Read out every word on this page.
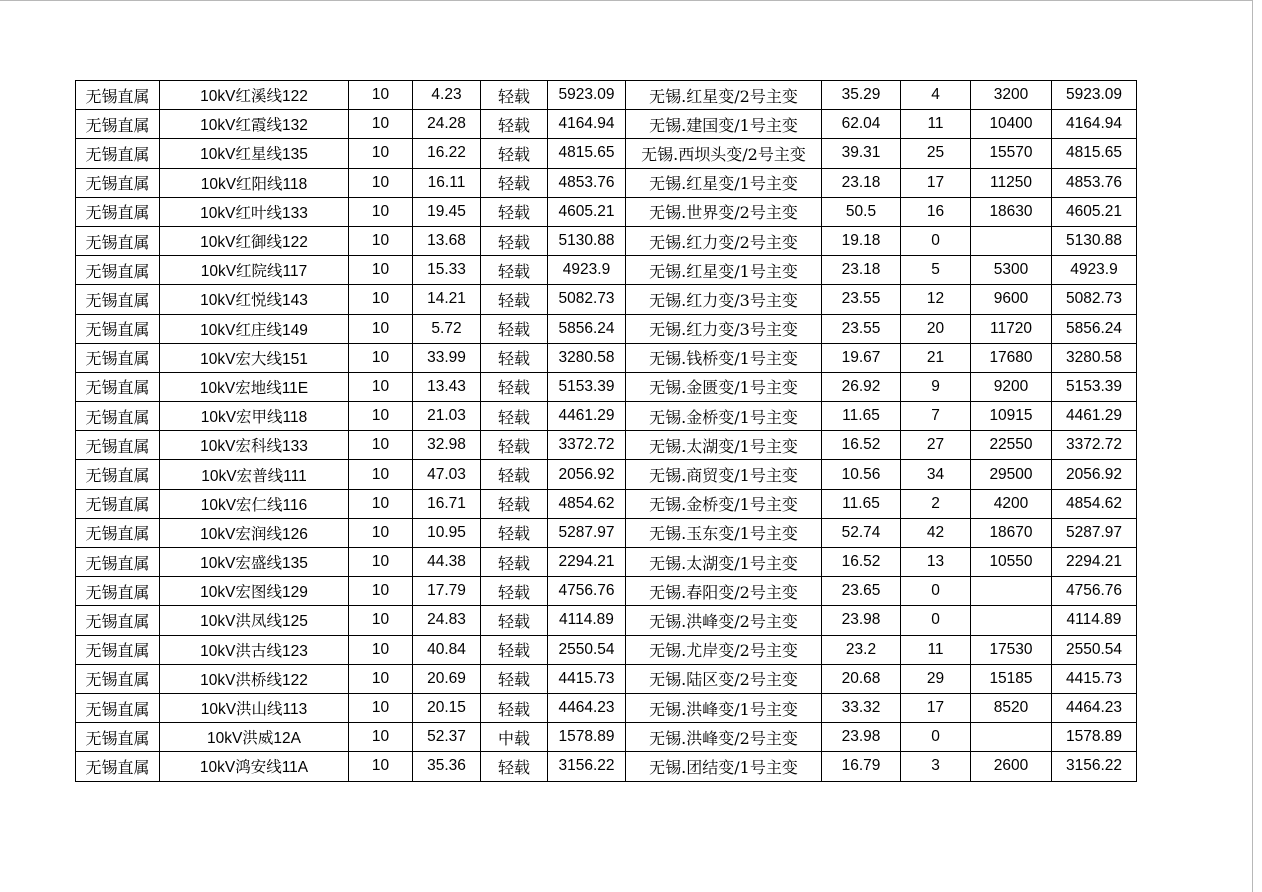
无锡直属	10kV红溪线122	10	4.23	轻载	5923.09	无锡.红星变/2号主变	35.29	4	3200	5923.09
无锡直属	10kV红霞线132	10	24.28	轻载	4164.94	无锡.建国变/1号主变	62.04	11	10400	4164.94
无锡直属	10kV红星线135	10	16.22	轻载	4815.65	无锡.西坝头变/2号主变	39.31	25	15570	4815.65
无锡直属	10kV红阳线118	10	16.11	轻载	4853.76	无锡.红星变/1号主变	23.18	17	11250	4853.76
无锡直属	10kV红叶线133	10	19.45	轻载	4605.21	无锡.世界变/2号主变	50.5	16	18630	4605.21
无锡直属	10kV红御线122	10	13.68	轻载	5130.88	无锡.红力变/2号主变	19.18	0		5130.88
无锡直属	10kV红院线117	10	15.33	轻载	4923.9	无锡.红星变/1号主变	23.18	5	5300	4923.9
无锡直属	10kV红悦线143	10	14.21	轻载	5082.73	无锡.红力变/3号主变	23.55	12	9600	5082.73
无锡直属	10kV红庄线149	10	5.72	轻载	5856.24	无锡.红力变/3号主变	23.55	20	11720	5856.24
无锡直属	10kV宏大线151	10	33.99	轻载	3280.58	无锡.钱桥变/1号主变	19.67	21	17680	3280.58
无锡直属	10kV宏地线11E	10	13.43	轻载	5153.39	无锡.金匮变/1号主变	26.92	9	9200	5153.39
无锡直属	10kV宏甲线118	10	21.03	轻载	4461.29	无锡.金桥变/1号主变	11.65	7	10915	4461.29
无锡直属	10kV宏科线133	10	32.98	轻载	3372.72	无锡.太湖变/1号主变	16.52	27	22550	3372.72
无锡直属	10kV宏普线111	10	47.03	轻载	2056.92	无锡.商贸变/1号主变	10.56	34	29500	2056.92
无锡直属	10kV宏仁线116	10	16.71	轻载	4854.62	无锡.金桥变/1号主变	11.65	2	4200	4854.62
无锡直属	10kV宏润线126	10	10.95	轻载	5287.97	无锡.玉东变/1号主变	52.74	42	18670	5287.97
无锡直属	10kV宏盛线135	10	44.38	轻载	2294.21	无锡.太湖变/1号主变	16.52	13	10550	2294.21
无锡直属	10kV宏图线129	10	17.79	轻载	4756.76	无锡.春阳变/2号主变	23.65	0		4756.76
无锡直属	10kV洪凤线125	10	24.83	轻载	4114.89	无锡.洪峰变/2号主变	23.98	0		4114.89
无锡直属	10kV洪古线123	10	40.84	轻载	2550.54	无锡.尤岸变/2号主变	23.2	11	17530	2550.54
无锡直属	10kV洪桥线122	10	20.69	轻载	4415.73	无锡.陆区变/2号主变	20.68	29	15185	4415.73
无锡直属	10kV洪山线113	10	20.15	轻载	4464.23	无锡.洪峰变/1号主变	33.32	17	8520	4464.23
无锡直属	10kV洪威12A	10	52.37	中载	1578.89	无锡.洪峰变/2号主变	23.98	0		1578.89
无锡直属	10kV鸿安线11A	10	35.36	轻载	3156.22	无锡.团结变/1号主变	16.79	3	2600	3156.22
